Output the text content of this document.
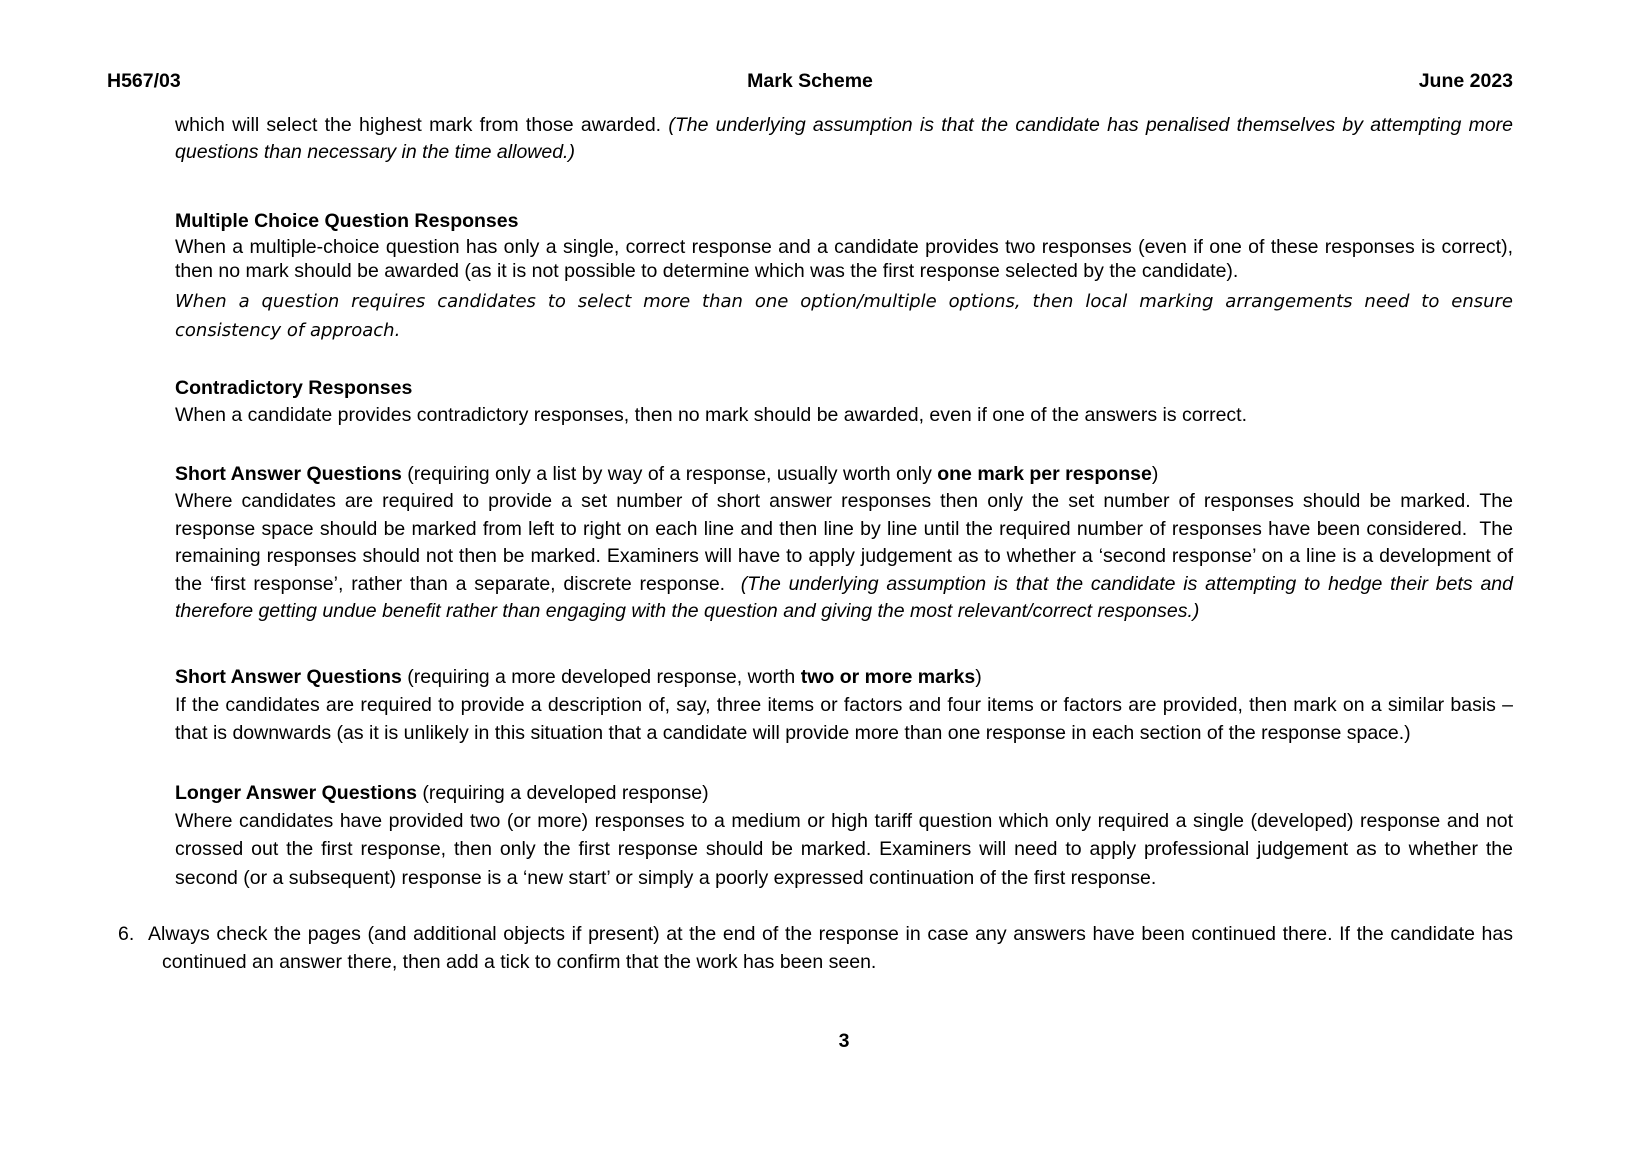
H567/03	Mark Scheme	June 2023

which will select the highest mark from those awarded. (The underlying assumption is that the candidate has penalised themselves by attempting more questions than necessary in the time allowed.)

Multiple Choice Question Responses

When a multiple-choice question has only a single, correct response and a candidate provides two responses (even if one of these responses is correct), then no mark should be awarded (as it is not possible to determine which was the first response selected by the candidate).

When a question requires candidates to select more than one option/multiple options, then local marking arrangements need to ensure consistency of approach.

Contradictory Responses

When a candidate provides contradictory responses, then no mark should be awarded, even if one of the answers is correct.

Short Answer Questions (requiring only a list by way of a response, usually worth only one mark per response)

Where candidates are required to provide a set number of short answer responses then only the set number of responses should be marked. The response space should be marked from left to right on each line and then line by line until the required number of responses have been considered.  The remaining responses should not then be marked. Examiners will have to apply judgement as to whether a ‘second response’ on a line is a development of the ‘first response’, rather than a separate, discrete response.  (The underlying assumption is that the candidate is attempting to hedge their bets and therefore getting undue benefit rather than engaging with the question and giving the most relevant/correct responses.)

Short Answer Questions (requiring a more developed response, worth two or more marks)

If the candidates are required to provide a description of, say, three items or factors and four items or factors are provided, then mark on a similar basis – that is downwards (as it is unlikely in this situation that a candidate will provide more than one response in each section of the response space.)

Longer Answer Questions (requiring a developed response)

Where candidates have provided two (or more) responses to a medium or high tariff question which only required a single (developed) response and not crossed out the first response, then only the first response should be marked. Examiners will need to apply professional judgement as to whether the second (or a subsequent) response is a ‘new start’ or simply a poorly expressed continuation of the first response.

6. Always check the pages (and additional objects if present) at the end of the response in case any answers have been continued there. If the candidate has continued an answer there, then add a tick to confirm that the work has been seen.

3
